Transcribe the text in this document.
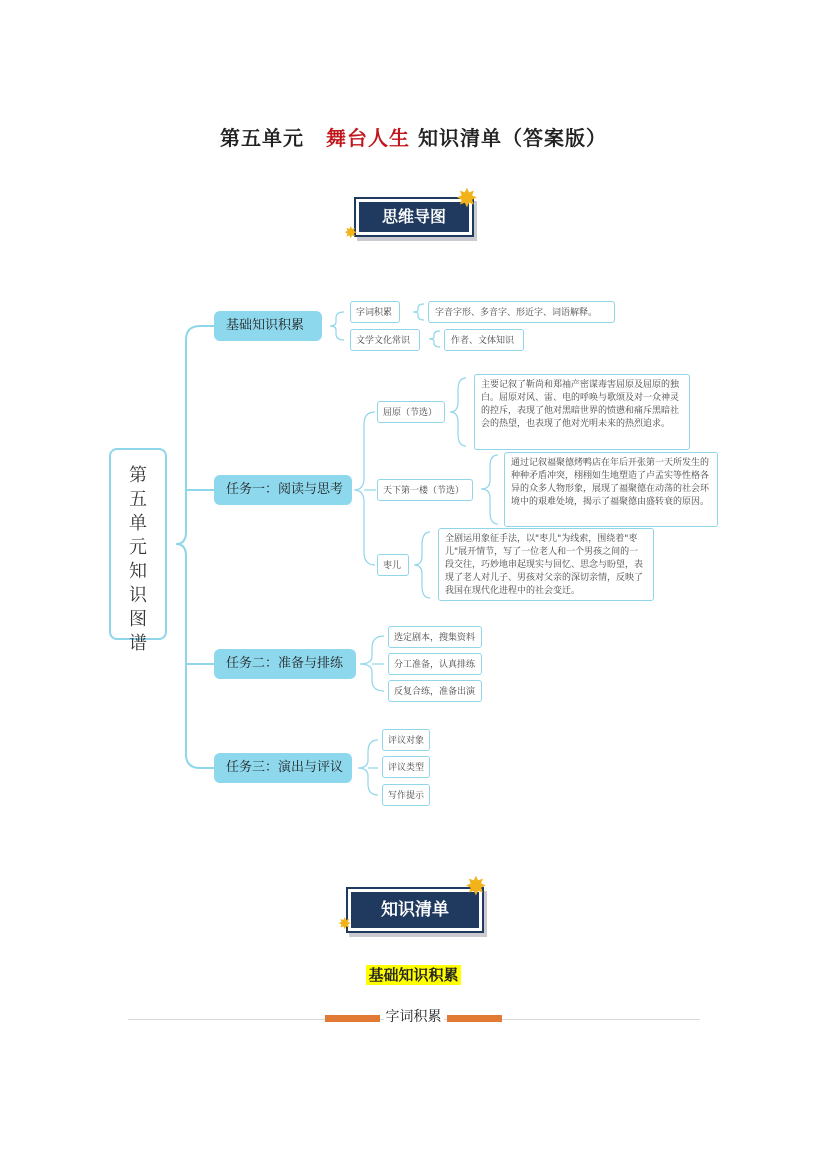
第五单元 舞台人生 知识清单（答案版）
思维导图
✸
✸
第五单元知识图谱
基础知识积累
字词积累
文学文化常识
字音字形、多音字、形近字、词语解释。
作者、文体知识
任务一：阅读与思考
屈原（节选）
天下第一楼（节选）
枣儿
主要记叙了靳尚和郑袖产密谋毒害屈原及屈原的独白。屈原对风、雷、电的呼唤与歌颂及对一众神灵的控斥，表现了他对黑暗世界的愤懑和痛斥黑暗社会的热望，也表现了他对光明未来的热烈追求。
通过记叙福聚德烤鸭店在年后开张第一天所发生的种种矛盾冲突，栩栩如生地塑造了卢孟实等性格各异的众多人物形象，展现了福聚德在动荡的社会环境中的艰难处境，揭示了福聚德由盛转衰的原因。
全剧运用象征手法，以"枣儿"为线索，围绕着"枣儿"展开情节，写了一位老人和一个男孩之间的一段交往，巧妙地串起现实与回忆、思念与盼望，表现了老人对儿子、男孩对父亲的深切亲情，反映了我国在现代化进程中的社会变迁。
任务二：准备与排练
选定剧本，搜集资料
分工准备，认真排练
反复合练，准备出演
任务三：演出与评议
评议对象
评议类型
写作提示
知识清单
✸
✸
基础知识积累
字词积累
